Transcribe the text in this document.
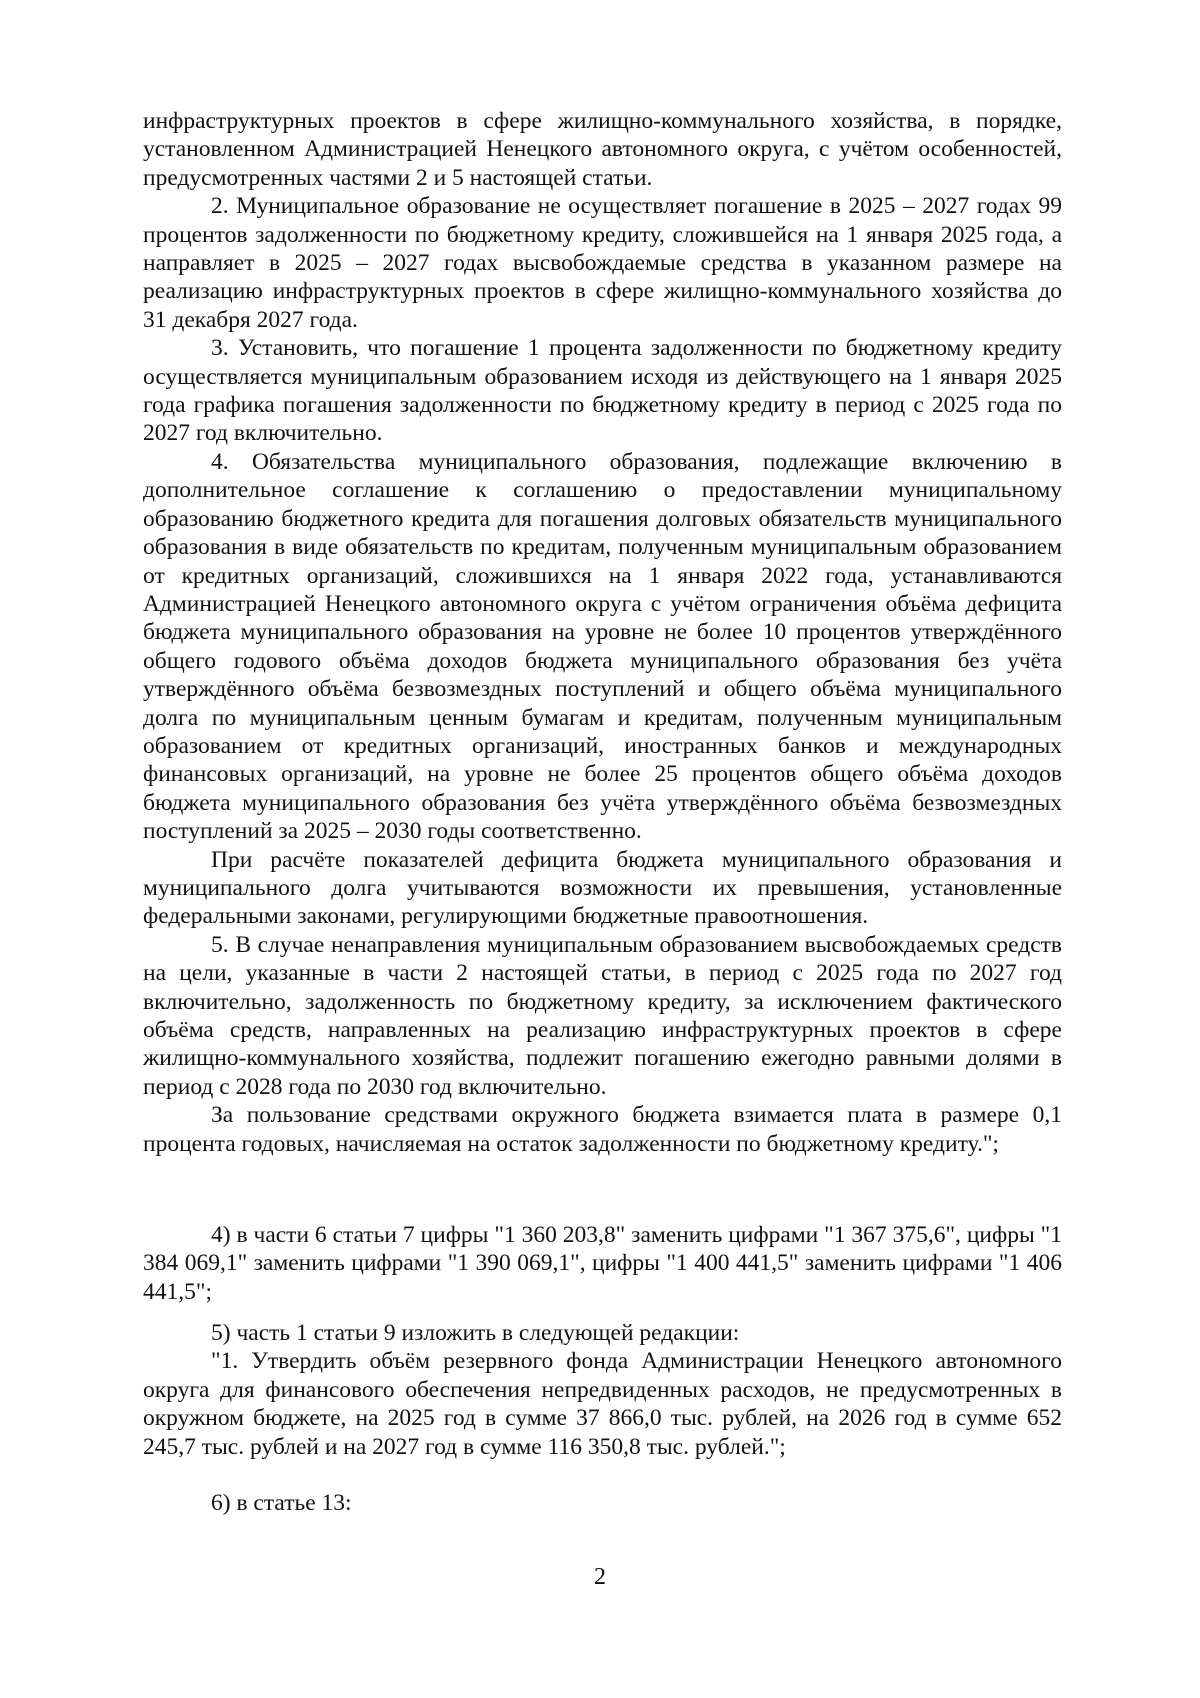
инфраструктурных проектов в сфере жилищно-коммунального хозяйства, в порядке, установленном Администрацией Ненецкого автономного округа, с учётом особенностей, предусмотренных частями 2 и 5 настоящей статьи.

2. Муниципальное образование не осуществляет погашение в 2025 – 2027 годах 99 процентов задолженности по бюджетному кредиту, сложившейся на 1 января 2025 года, а направляет в 2025 – 2027 годах высвобождаемые средства в указанном размере на реализацию инфраструктурных проектов в сфере жилищно-коммунального хозяйства до 31 декабря 2027 года.

3. Установить, что погашение 1 процента задолженности по бюджетному кредиту осуществляется муниципальным образованием исходя из действующего на 1 января 2025 года графика погашения задолженности по бюджетному кредиту в период с 2025 года по 2027 год включительно.

4. Обязательства муниципального образования, подлежащие включению в дополнительное соглашение к соглашению о предоставлении муниципальному образованию бюджетного кредита для погашения долговых обязательств муниципального образования в виде обязательств по кредитам, полученным муниципальным образованием от кредитных организаций, сложившихся на 1 января 2022 года, устанавливаются Администрацией Ненецкого автономного округа с учётом ограничения объёма дефицита бюджета муниципального образования на уровне не более 10 процентов утверждённого общего годового объёма доходов бюджета муниципального образования без учёта утверждённого объёма безвозмездных поступлений и общего объёма муниципального долга по муниципальным ценным бумагам и кредитам, полученным муниципальным образованием от кредитных организаций, иностранных банков и международных финансовых организаций, на уровне не более 25 процентов общего объёма доходов бюджета муниципального образования без учёта утверждённого объёма безвозмездных поступлений за 2025 – 2030 годы соответственно.

При расчёте показателей дефицита бюджета муниципального образования и муниципального долга учитываются возможности их превышения, установленные федеральными законами, регулирующими бюджетные правоотношения.

5. В случае ненаправления муниципальным образованием высвобождаемых средств на цели, указанные в части 2 настоящей статьи, в период с 2025 года по 2027 год включительно, задолженность по бюджетному кредиту, за исключением фактического объёма средств, направленных на реализацию инфраструктурных проектов в сфере жилищно-коммунального хозяйства, подлежит погашению ежегодно равными долями в период с 2028 года по 2030 год включительно.

За пользование средствами окружного бюджета взимается плата в размере 0,1 процента годовых, начисляемая на остаток задолженности по бюджетному кредиту.";

4) в части 6 статьи 7 цифры "1 360 203,8" заменить цифрами "1 367 375,6", цифры "1 384 069,1" заменить цифрами "1 390 069,1", цифры "1 400 441,5" заменить цифрами "1 406 441,5";

5) часть 1 статьи 9 изложить в следующей редакции:

"1. Утвердить объём резервного фонда Администрации Ненецкого автономного округа для финансового обеспечения непредвиденных расходов, не предусмотренных в окружном бюджете, на 2025 год в сумме 37 866,0 тыс. рублей, на 2026 год в сумме 652 245,7 тыс. рублей и на 2027 год в сумме 116 350,8 тыс. рублей.";

6) в статье 13:

2
